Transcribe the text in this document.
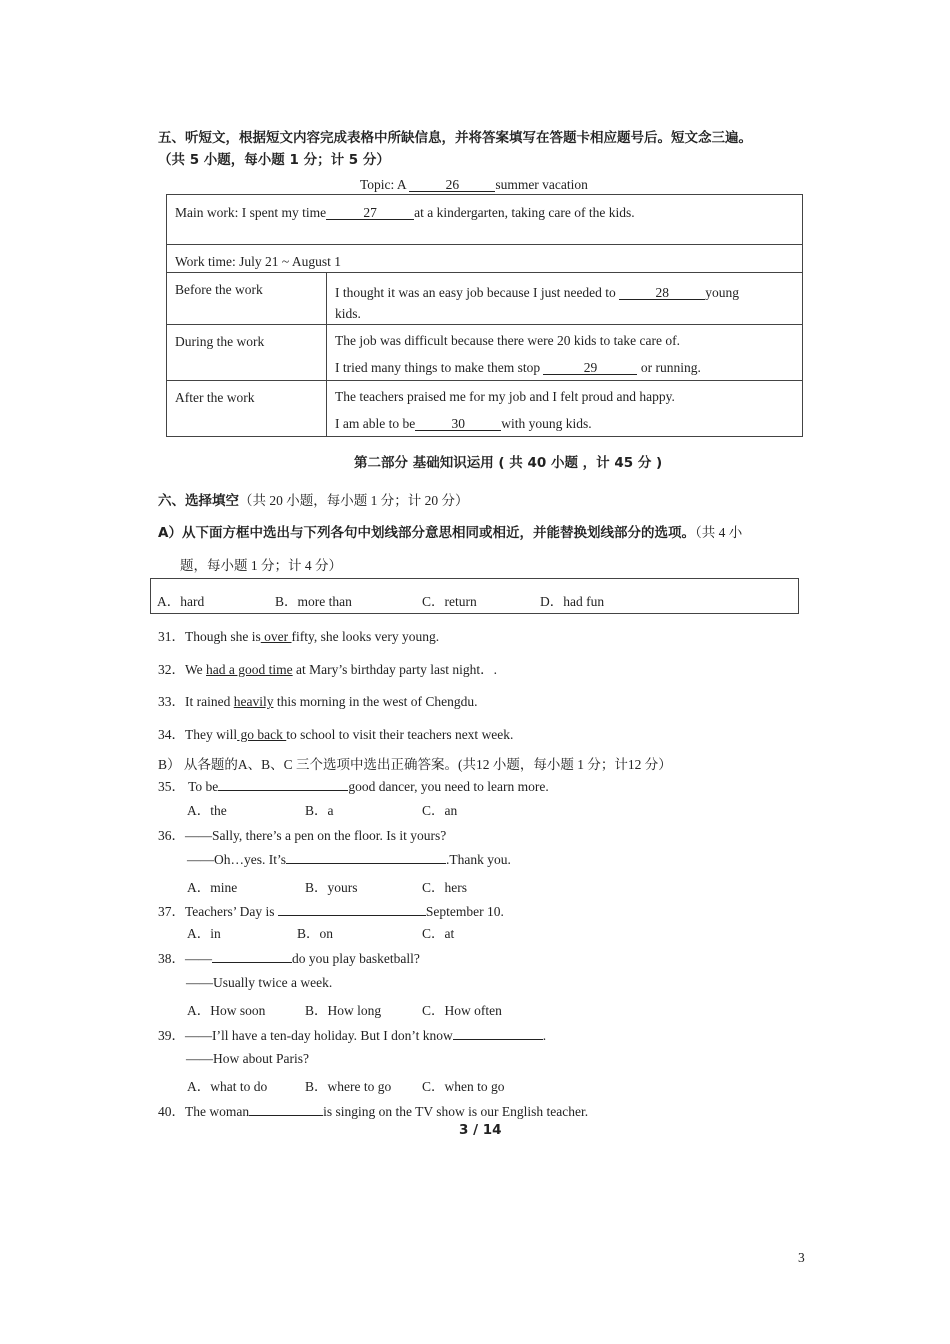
五、听短文，根据短文内容完成表格中所缺信息，并将答案填写在答题卡相应题号后。短文念三遍。
（共 5 小题，每小题 1 分；计 5 分）
Topic: A	26	summer vacation
Main work: I spent my time 27 at a kindergarten, taking care of the kids.	
Work time: July 21 ~ August 1	
Before the work	I thought it was an easy job because I just needed to 28 young
kids.
During the work	The job was difficult because there were 20 kids to take care of.
I tried many things to make them stop 29 or running.

After the work	The teachers praised me for my job and I felt proud and happy.
I am able to be 30 with young kids.
第二部分 基础知识运用 ( 共 40 小题 ，计 45 分 )
六、选择填空（共 20 小题，每小题 1 分；计 20 分）
A）从下面方框中选出与下列各句中划线部分意思相同或相近，并能替换划线部分的选项。（共 4 小
题，每小题 1 分；计 4 分）
A．hard	B．more than	C．return	D．had fun
31．Though she is over fifty, she looks very young.
32．We had a good time at Mary’s birthday party last night．.
33．It rained heavily this morning in the west of Chengdu.
34．They will go back to school to visit their teachers next week.
B） 从各题的A、B、C 三个选项中选出正确答案。(共12 小题，每小题 1 分；计12 分）
35． To be	good dancer, you need to learn more.
A．the	B．a	C．an
36．——Sally, there’s a pen on the floor. Is it yours?
——Oh…yes. It’s	.Thank you.
A．mine	B．yours	C．hers
37．Teachers’ Day is	September 10.
A．in	B．on	C．at
38．——	do you play basketball?
——Usually twice a week.
A．How soon	B．How long	C．How often
39．——I’ll have a ten-day holiday. But I don’t know	.
——How about Paris?
A．what to do	B．where to go C．when to go
40．The woman	is singing on the TV show is our English teacher.
3 / 14
3
